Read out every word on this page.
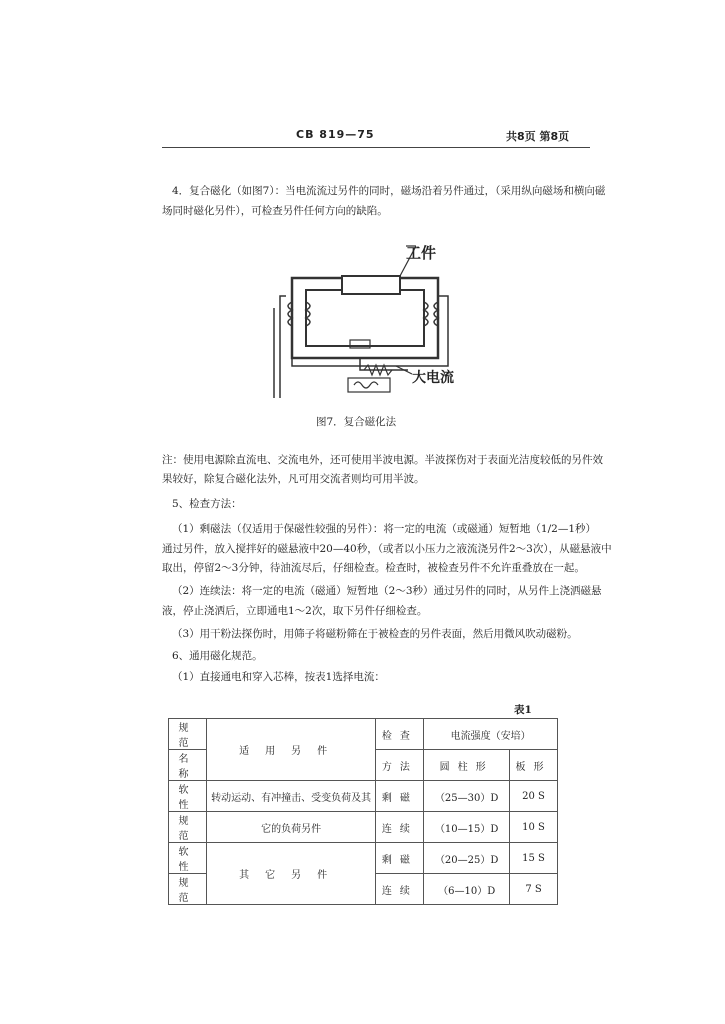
CB 819—75	共8页 第8页
4．复合磁化（如图7）：当电流流过另件的同时，磁场沿着另件通过，（采用纵向磁场和横向磁
场同时磁化另件），可检查另件任何方向的缺陷。
工件
大电流
图7．复合磁化法
注：使用电源除直流电、交流电外，还可使用半波电源。半波探伤对于表面光洁度较低的另件效
果较好，除复合磁化法外，凡可用交流者则均可用半波。
5、检查方法：
（1）剩磁法（仅适用于保磁性较强的另件）：将一定的电流（或磁通）短暂地（1/2—1秒）
通过另件，放入搅拌好的磁悬液中20—40秒，（或者以小压力之液流浇另件2～3次），从磁悬液中
取出，停留2～3分钟，待油流尽后，仔细检查。检查时，被检查另件不允许重叠放在一起。
（2）连续法：将一定的电流（磁通）短暂地（2～3秒）通过另件的同时，从另件上浇洒磁悬
液，停止浇洒后，立即通电1～2次，取下另件仔细检查。
（3）用干粉法探伤时，用筛子将磁粉筛在于被检查的另件表面，然后用微风吹动磁粉。
6、通用磁化规范。
（1）直接通电和穿入芯棒，按表1选择电流：
表1
规范	适用另件	检查	电流强度（安培）	
名称		方法	圆柱形	板形
软性	转动运动、有冲撞击、受变负荷及其	剩磁	（25—30）D	20 S
规范	它的负荷另件	连续	（10—15）D	10 S
软性	其它另件	剩磁	（20—25）D	15 S
规范		连续	（6—10）D	7 S
